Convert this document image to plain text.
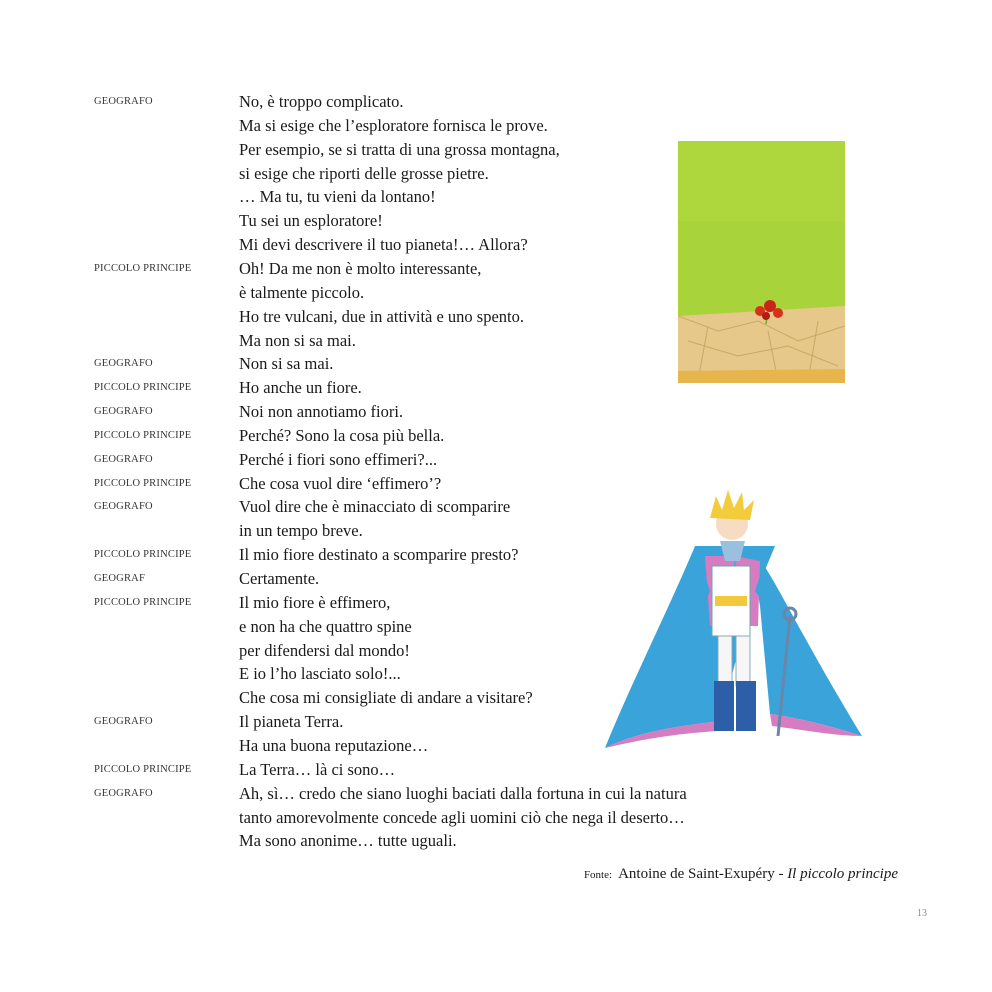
GEOGRAFO	No, è troppo complicato.
Ma si esige che l’esploratore fornisca le prove.
Per esempio, se si tratta di una grossa montagna,
si esige che riporti delle grosse pietre.
… Ma tu, tu vieni da lontano!
Tu sei un esploratore!
Mi devi descrivere il tuo pianeta!… Allora?
PICCOLO PRINCIPE	Oh! Da me non è molto interessante,
è talmente piccolo.
Ho tre vulcani, due in attività e uno spento.
Ma non si sa mai.
GEOGRAFO	Non si sa mai.
PICCOLO PRINCIPE	Ho anche un fiore.
GEOGRAFO	Noi non annotiamo fiori.
PICCOLO PRINCIPE	Perché? Sono la cosa più bella.
GEOGRAFO	Perché i fiori sono effimeri?...
PICCOLO PRINCIPE	Che cosa vuol dire ‘effimero’?
GEOGRAFO	Vuol dire che è minacciato di scomparire
in un tempo breve.
PICCOLO PRINCIPE	Il mio fiore destinato a scomparire presto?
GEOGRAF	Certamente.
PICCOLO PRINCIPE	Il mio fiore è effimero,
e non ha che quattro spine
per difendersi dal mondo!
E io l’ho lasciato solo!...
Che cosa mi consigliate di andare a visitare?
GEOGRAFO	Il pianeta Terra.
Ha una buona reputazione…
PICCOLO PRINCIPE	La Terra… là ci sono…
GEOGRAFO	Ah, sì… credo che siano luoghi baciati dalla fortuna in cui la natura
tanto amorevolmente concede agli uomini ciò che nega il deserto…
Ma sono anonime… tutte uguali.
Fonte: Antoine de Saint-Exupéry - Il piccolo principe
13
